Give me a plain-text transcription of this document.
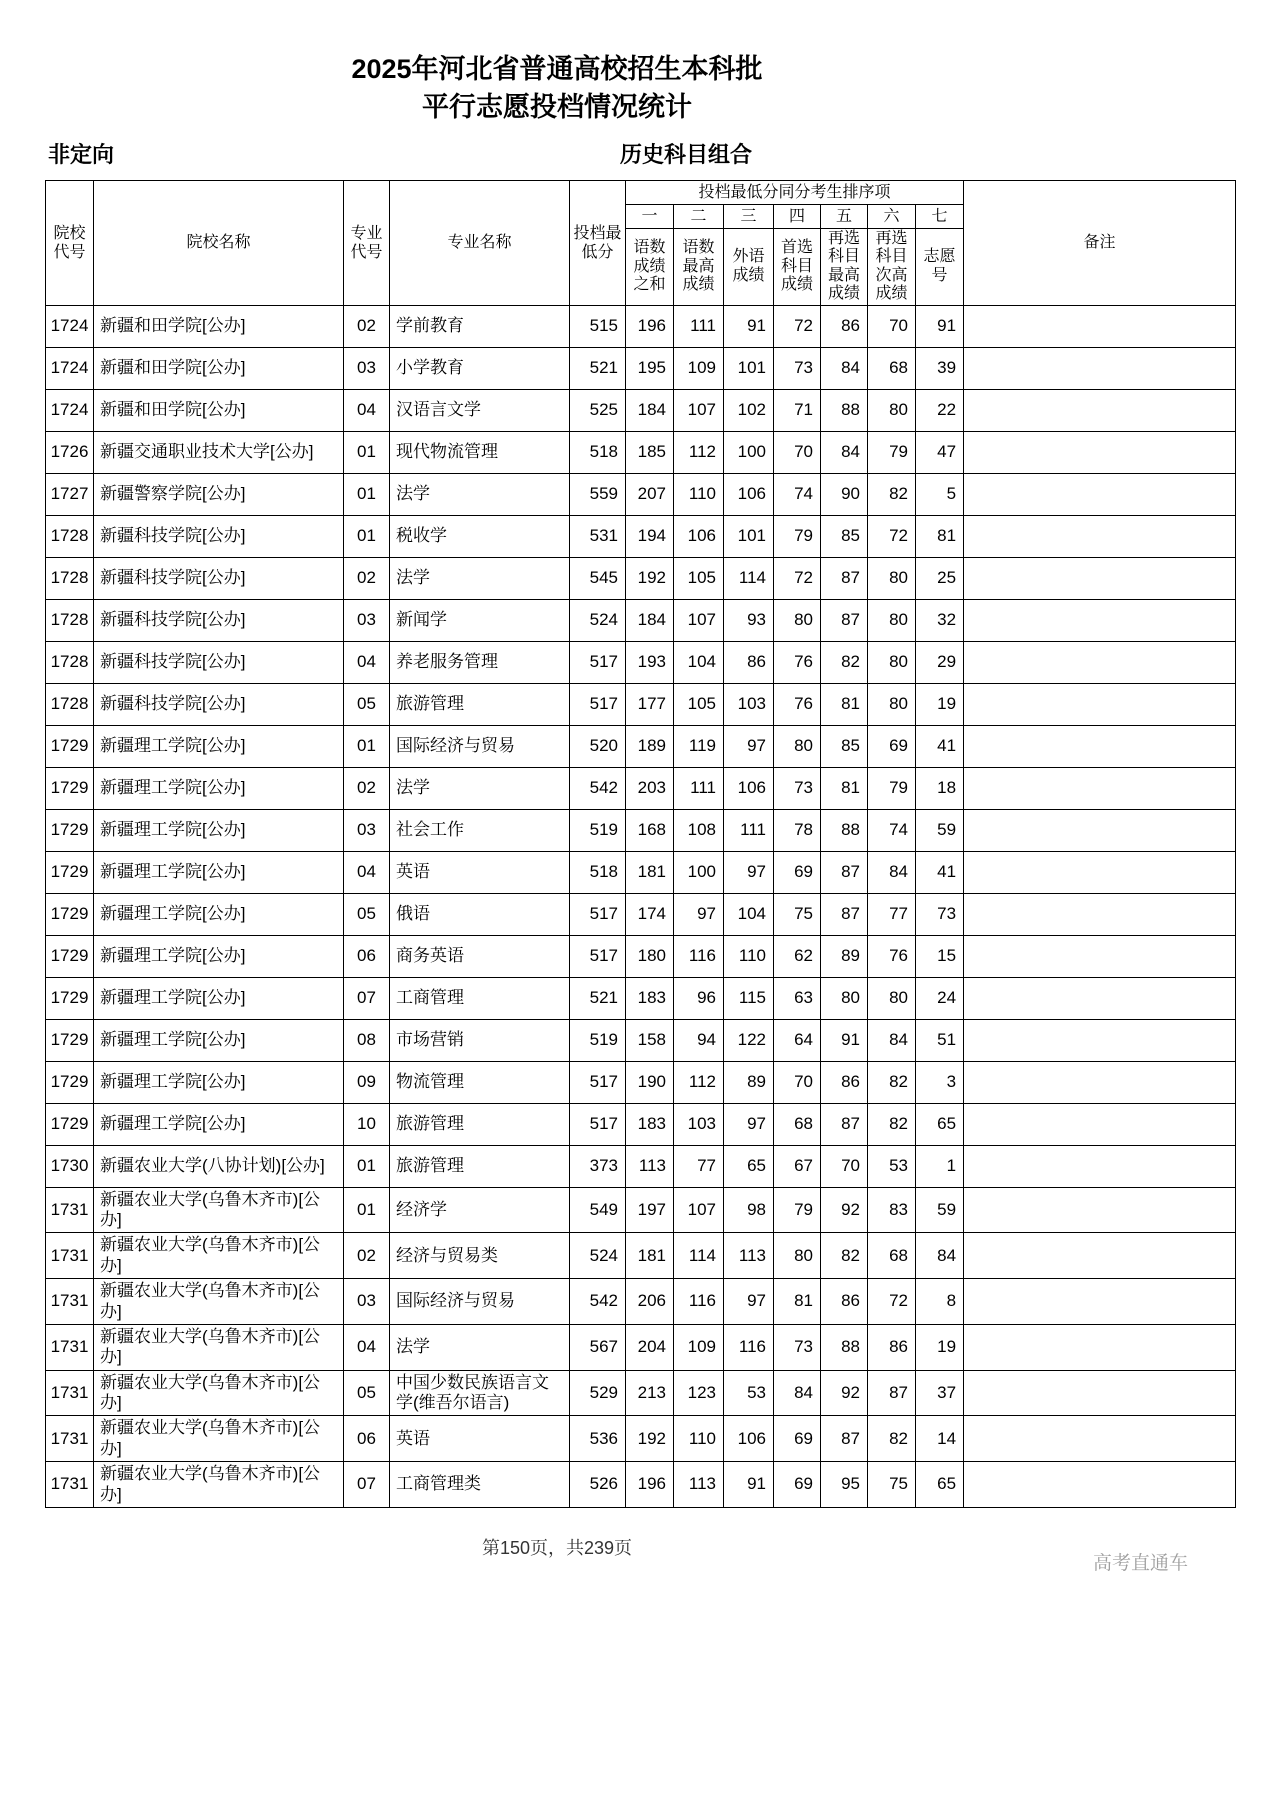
2025年河北省普通高校招生本科批
平行志愿投档情况统计
非定向	历史科目组合
院校代号	院校名称	专业代号	专业名称	投档最低分	投档最低分同分考生排序项							备注
					一	二	三	四	五	六	七	
					语数成绩之和	语数最高成绩	外语成绩	首选科目成绩	再选科目最高成绩	再选科目次高成绩	志愿号	
1724	新疆和田学院[公办]	02	学前教育	515	196	111	91	72	86	70	91	
1724	新疆和田学院[公办]	03	小学教育	521	195	109	101	73	84	68	39	
1724	新疆和田学院[公办]	04	汉语言文学	525	184	107	102	71	88	80	22	
1726	新疆交通职业技术大学[公办]	01	现代物流管理	518	185	112	100	70	84	79	47	
1727	新疆警察学院[公办]	01	法学	559	207	110	106	74	90	82	5	
1728	新疆科技学院[公办]	01	税收学	531	194	106	101	79	85	72	81	
1728	新疆科技学院[公办]	02	法学	545	192	105	114	72	87	80	25	
1728	新疆科技学院[公办]	03	新闻学	524	184	107	93	80	87	80	32	
1728	新疆科技学院[公办]	04	养老服务管理	517	193	104	86	76	82	80	29	
1728	新疆科技学院[公办]	05	旅游管理	517	177	105	103	76	81	80	19	
1729	新疆理工学院[公办]	01	国际经济与贸易	520	189	119	97	80	85	69	41	
1729	新疆理工学院[公办]	02	法学	542	203	111	106	73	81	79	18	
1729	新疆理工学院[公办]	03	社会工作	519	168	108	111	78	88	74	59	
1729	新疆理工学院[公办]	04	英语	518	181	100	97	69	87	84	41	
1729	新疆理工学院[公办]	05	俄语	517	174	97	104	75	87	77	73	
1729	新疆理工学院[公办]	06	商务英语	517	180	116	110	62	89	76	15	
1729	新疆理工学院[公办]	07	工商管理	521	183	96	115	63	80	80	24	
1729	新疆理工学院[公办]	08	市场营销	519	158	94	122	64	91	84	51	
1729	新疆理工学院[公办]	09	物流管理	517	190	112	89	70	86	82	3	
1729	新疆理工学院[公办]	10	旅游管理	517	183	103	97	68	87	82	65	
1730	新疆农业大学(八协计划)[公办]	01	旅游管理	373	113	77	65	67	70	53	1	
1731	新疆农业大学(乌鲁木齐市)[公办]	01	经济学	549	197	107	98	79	92	83	59	
1731	新疆农业大学(乌鲁木齐市)[公办]	02	经济与贸易类	524	181	114	113	80	82	68	84	
1731	新疆农业大学(乌鲁木齐市)[公办]	03	国际经济与贸易	542	206	116	97	81	86	72	8	
1731	新疆农业大学(乌鲁木齐市)[公办]	04	法学	567	204	109	116	73	88	86	19	
1731	新疆农业大学(乌鲁木齐市)[公办]	05	中国少数民族语言文学(维吾尔语言)	529	213	123	53	84	92	87	37	
1731	新疆农业大学(乌鲁木齐市)[公办]	06	英语	536	192	110	106	69	87	82	14	
1731	新疆农业大学(乌鲁木齐市)[公办]	07	工商管理类	526	196	113	91	69	95	75	65	
第150页，共239页
高考直通车
